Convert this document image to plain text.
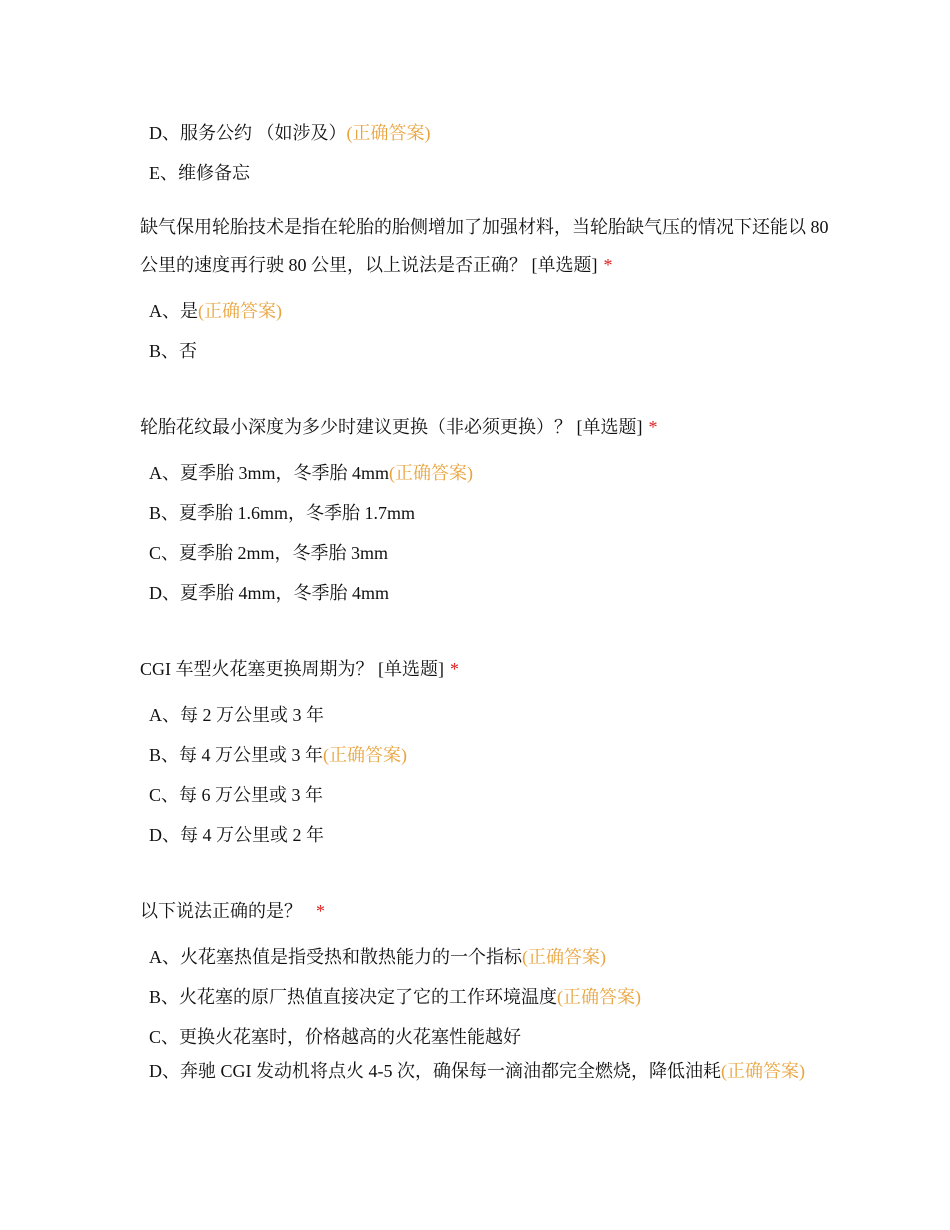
D、服务公约 （如涉及）(正确答案)
E、维修备忘
缺气保用轮胎技术是指在轮胎的胎侧增加了加强材料，当轮胎缺气压的情况下还能以 80 公里的速度再行驶 80 公里，以上说法是否正确？ [单选题] *
A、是(正确答案)
B、否
轮胎花纹最小深度为多少时建议更换（非必须更换）？ [单选题] *
A、夏季胎 3mm，冬季胎 4mm(正确答案)
B、夏季胎 1.6mm，冬季胎 1.7mm
C、夏季胎 2mm，冬季胎 3mm
D、夏季胎 4mm，冬季胎 4mm
CGI 车型火花塞更换周期为？ [单选题] *
A、每 2 万公里或 3 年
B、每 4 万公里或 3 年(正确答案)
C、每 6 万公里或 3 年
D、每 4 万公里或 2 年
以下说法正确的是？ *
A、火花塞热值是指受热和散热能力的一个指标(正确答案)
B、火花塞的原厂热值直接决定了它的工作环境温度(正确答案)
C、更换火花塞时，价格越高的火花塞性能越好
D、奔驰 CGI 发动机将点火 4-5 次，确保每一滴油都完全燃烧，降低油耗(正确答案)
